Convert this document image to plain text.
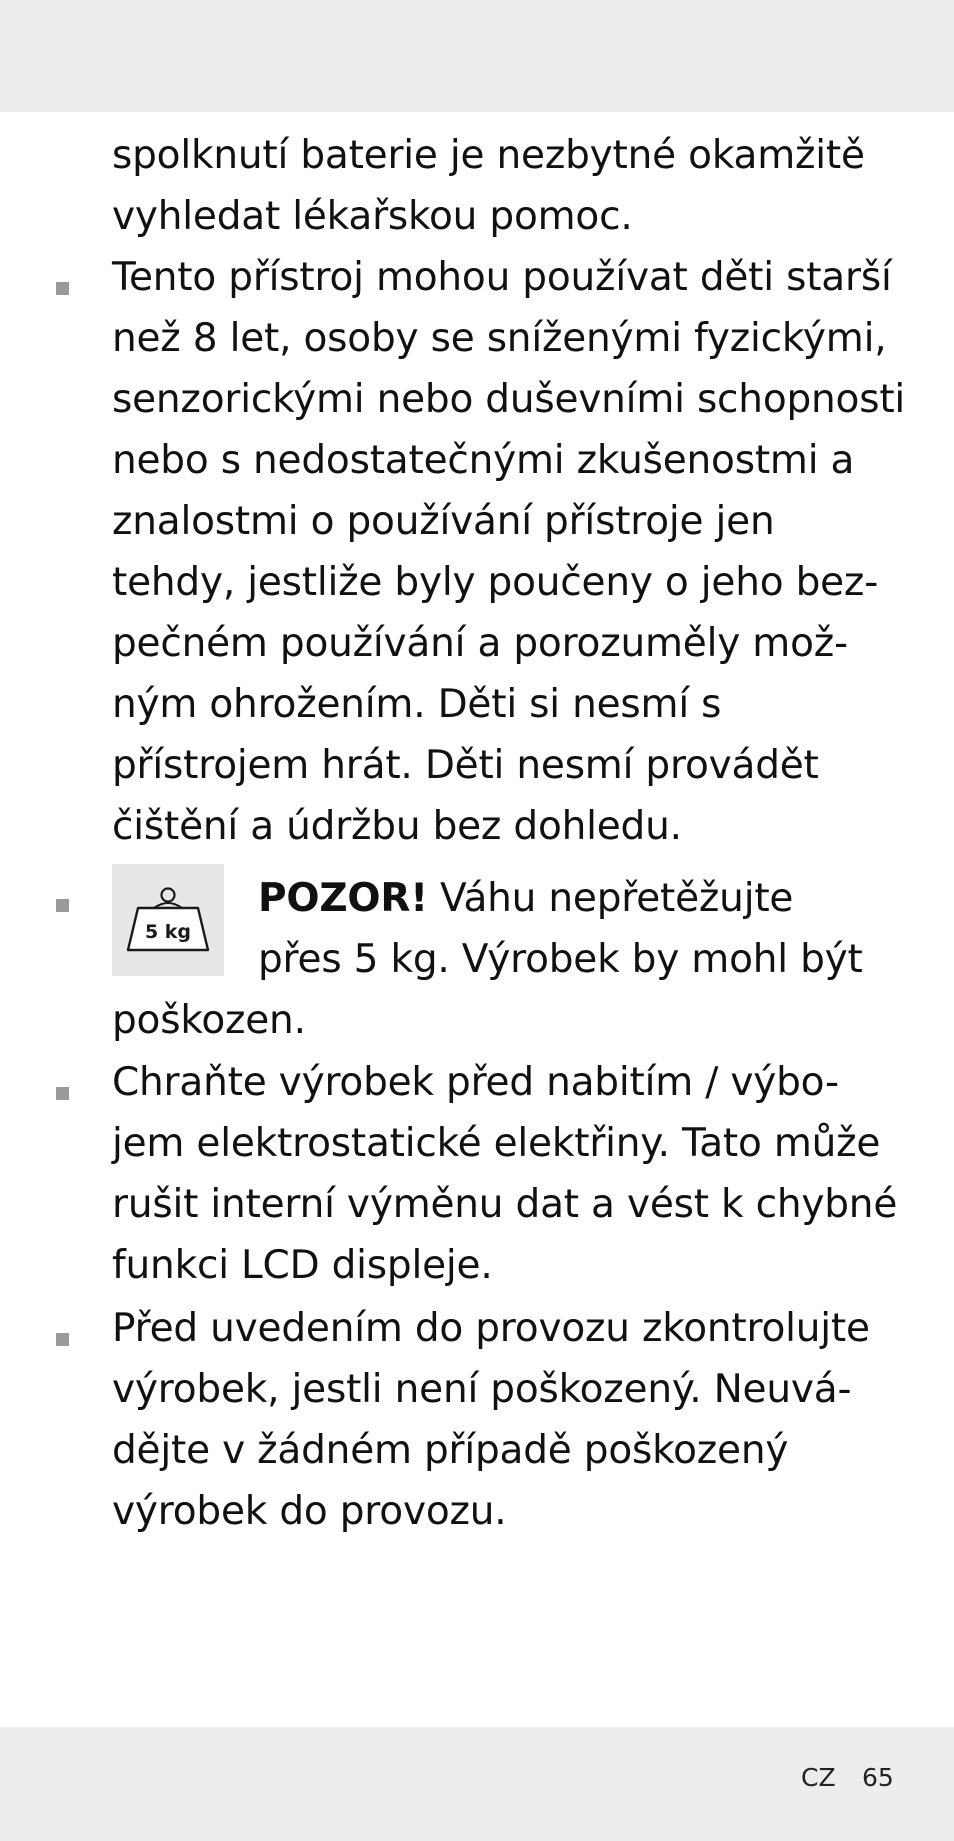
spolknutí baterie je nezbytné okamžitě
vyhledat lékařskou pomoc.
Tento přístroj mohou používat děti starší
než 8 let, osoby se sníženými fyzickými,
senzorickými nebo duševními schopnosti
nebo s nedostatečnými zkušenostmi a
znalostmi o používání přístroje jen
tehdy, jestliže byly poučeny o jeho bez-
pečném používání a porozuměly mož-
ným ohrožením. Děti si nesmí s
přístrojem hrát. Děti nesmí provádět
čištění a údržbu bez dohledu.
5 kg
POZOR! Váhu nepřetěžujte
přes 5 kg. Výrobek by mohl být
poškozen.
Chraňte výrobek před nabitím / výbo-
jem elektrostatické elektřiny. Tato může
rušit interní výměnu dat a vést k chybné
funkci LCD displeje.
Před uvedením do provozu zkontrolujte
výrobek, jestli není poškozený. Neuvá-
dějte v žádném případě poškozený
výrobek do provozu.
CZ 65
